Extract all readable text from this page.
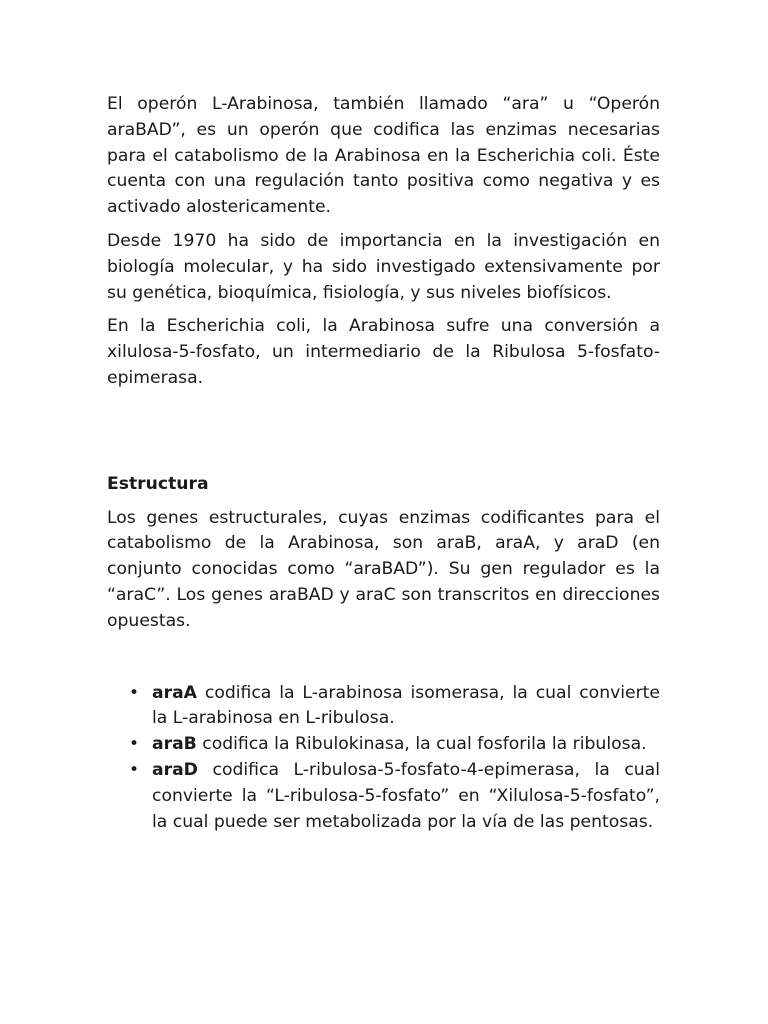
El operón L-Arabinosa, también llamado “ara” u “Operón araBAD”, es un operón que codifica las enzimas necesarias para el catabolismo de la Arabinosa en la Escherichia coli. Éste cuenta con una regulación tanto positiva como negativa y es activado alostericamente.

Desde 1970 ha sido de importancia en la investigación en biología molecular, y ha sido investigado extensivamente por su genética, bioquímica, fisiología, y sus niveles biofísicos.

En la Escherichia coli, la Arabinosa sufre una conversión a xilulosa-5-fosfato, un intermediario de la Ribulosa 5-fosfato-epimerasa.

Estructura

Los genes estructurales, cuyas enzimas codificantes para el catabolismo de la Arabinosa, son araB, araA, y araD (en conjunto conocidas como “araBAD”). Su gen regulador es la “araC”. Los genes araBAD y araC son transcritos en direcciones opuestas.

• araA codifica la L-arabinosa isomerasa, la cual convierte la L-arabinosa en L-ribulosa.
• araB codifica la Ribulokinasa, la cual fosforila la ribulosa.
• araD codifica L-ribulosa-5-fosfato-4-epimerasa, la cual convierte la “L-ribulosa-5-fosfato” en “Xilulosa-5-fosfato”, la cual puede ser metabolizada por la vía de las pentosas.
